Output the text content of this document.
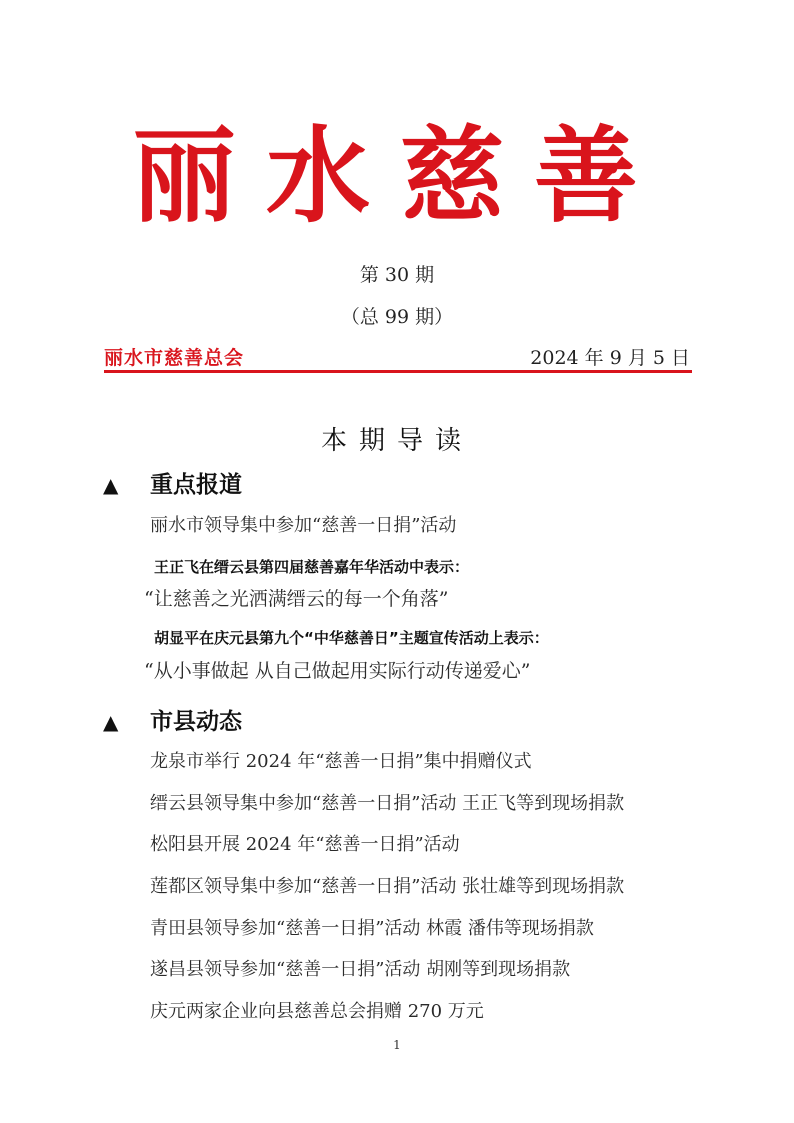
丽水慈善
第 30 期
（总 99 期）
丽水市慈善总会	2024 年 9 月 5 日
本期导读
▲ 重点报道
丽水市领导集中参加“慈善一日捐”活动
王正飞在缙云县第四届慈善嘉年华活动中表示：
“让慈善之光洒满缙云的每一个角落”
胡显平在庆元县第九个“中华慈善日”主题宣传活动上表示：
“从小事做起 从自己做起用实际行动传递爱心”
▲ 市县动态
龙泉市举行 2024 年“慈善一日捐”集中捐赠仪式
缙云县领导集中参加“慈善一日捐”活动 王正飞等到现场捐款
松阳县开展 2024 年“慈善一日捐”活动
莲都区领导集中参加“慈善一日捐”活动 张壮雄等到现场捐款
青田县领导参加“慈善一日捐”活动 林霞 潘伟等现场捐款
遂昌县领导参加“慈善一日捐”活动 胡刚等到现场捐款
庆元两家企业向县慈善总会捐赠 270 万元
1
